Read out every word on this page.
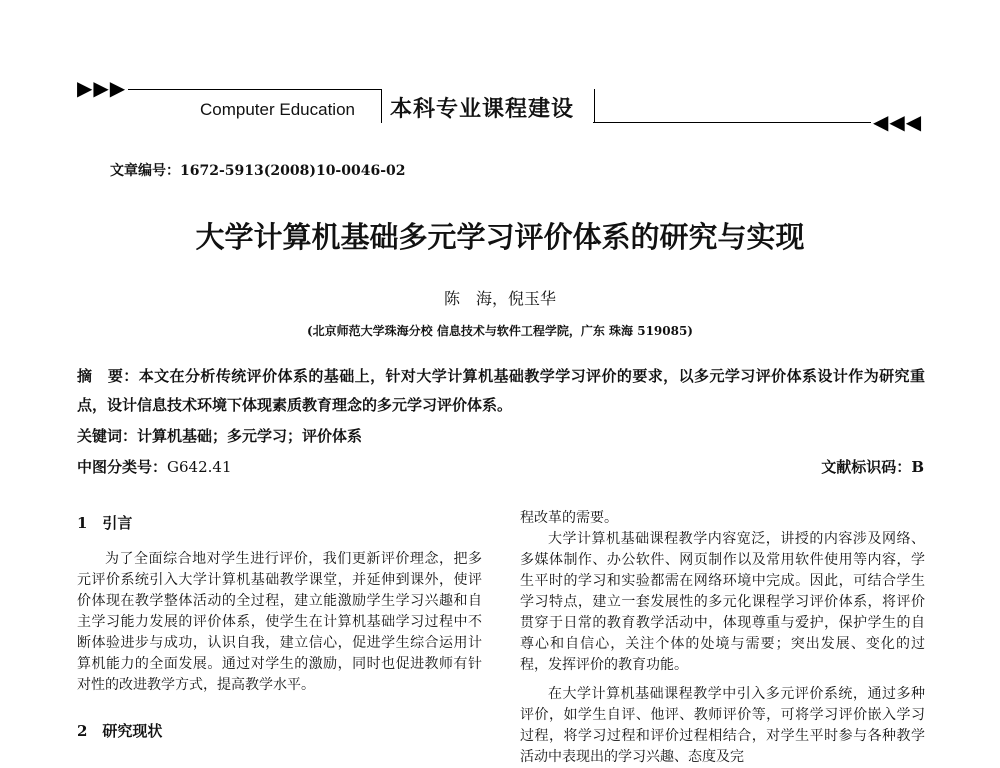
▶▶▶
Computer Education 本科专业课程建设
◀◀◀
文章编号：1672-5913(2008)10-0046-02
大学计算机基础多元学习评价体系的研究与实现
陈　海，倪玉华
(北京师范大学珠海分校 信息技术与软件工程学院，广东 珠海 519085)
摘　要：本文在分析传统评价体系的基础上，针对大学计算机基础教学学习评价的要求，以多元学习评价体系设计作为研究重点，设计信息技术环境下体现素质教育理念的多元学习评价体系。
关键词：计算机基础；多元学习；评价体系
中图分类号：G642.41	文献标识码：B
1　引言

为了全面综合地对学生进行评价，我们更新评价理念，把多元评价系统引入大学计算机基础教学课堂，并延伸到课外，使评价体现在教学整体活动的全过程，建立能激励学生学习兴趣和自主学习能力发展的评价体系，使学生在计算机基础学习过程中不断体验进步与成功，认识自我，建立信心，促进学生综合运用计算机能力的全面发展。通过对学生的激励，同时也促进教师有针对性的改进教学方式，提高教学水平。

2　研究现状

程改革的需要。

大学计算机基础课程教学内容宽泛，讲授的内容涉及网络、多媒体制作、办公软件、网页制作以及常用软件使用等内容，学生平时的学习和实验都需在网络环境中完成。因此，可结合学生学习特点，建立一套发展性的多元化课程学习评价体系，将评价贯穿于日常的教育教学活动中，体现尊重与爱护，保护学生的自尊心和自信心，关注个体的处境与需要；突出发展、变化的过程，发挥评价的教育功能。

在大学计算机基础课程教学中引入多元评价系统，通过多种评价，如学生自评、他评、教师评价等，可将学习评价嵌入学习过程，将学习过程和评价过程相结合，对学生平时参与各种教学活动中表现出的学习兴趣、态度及完
